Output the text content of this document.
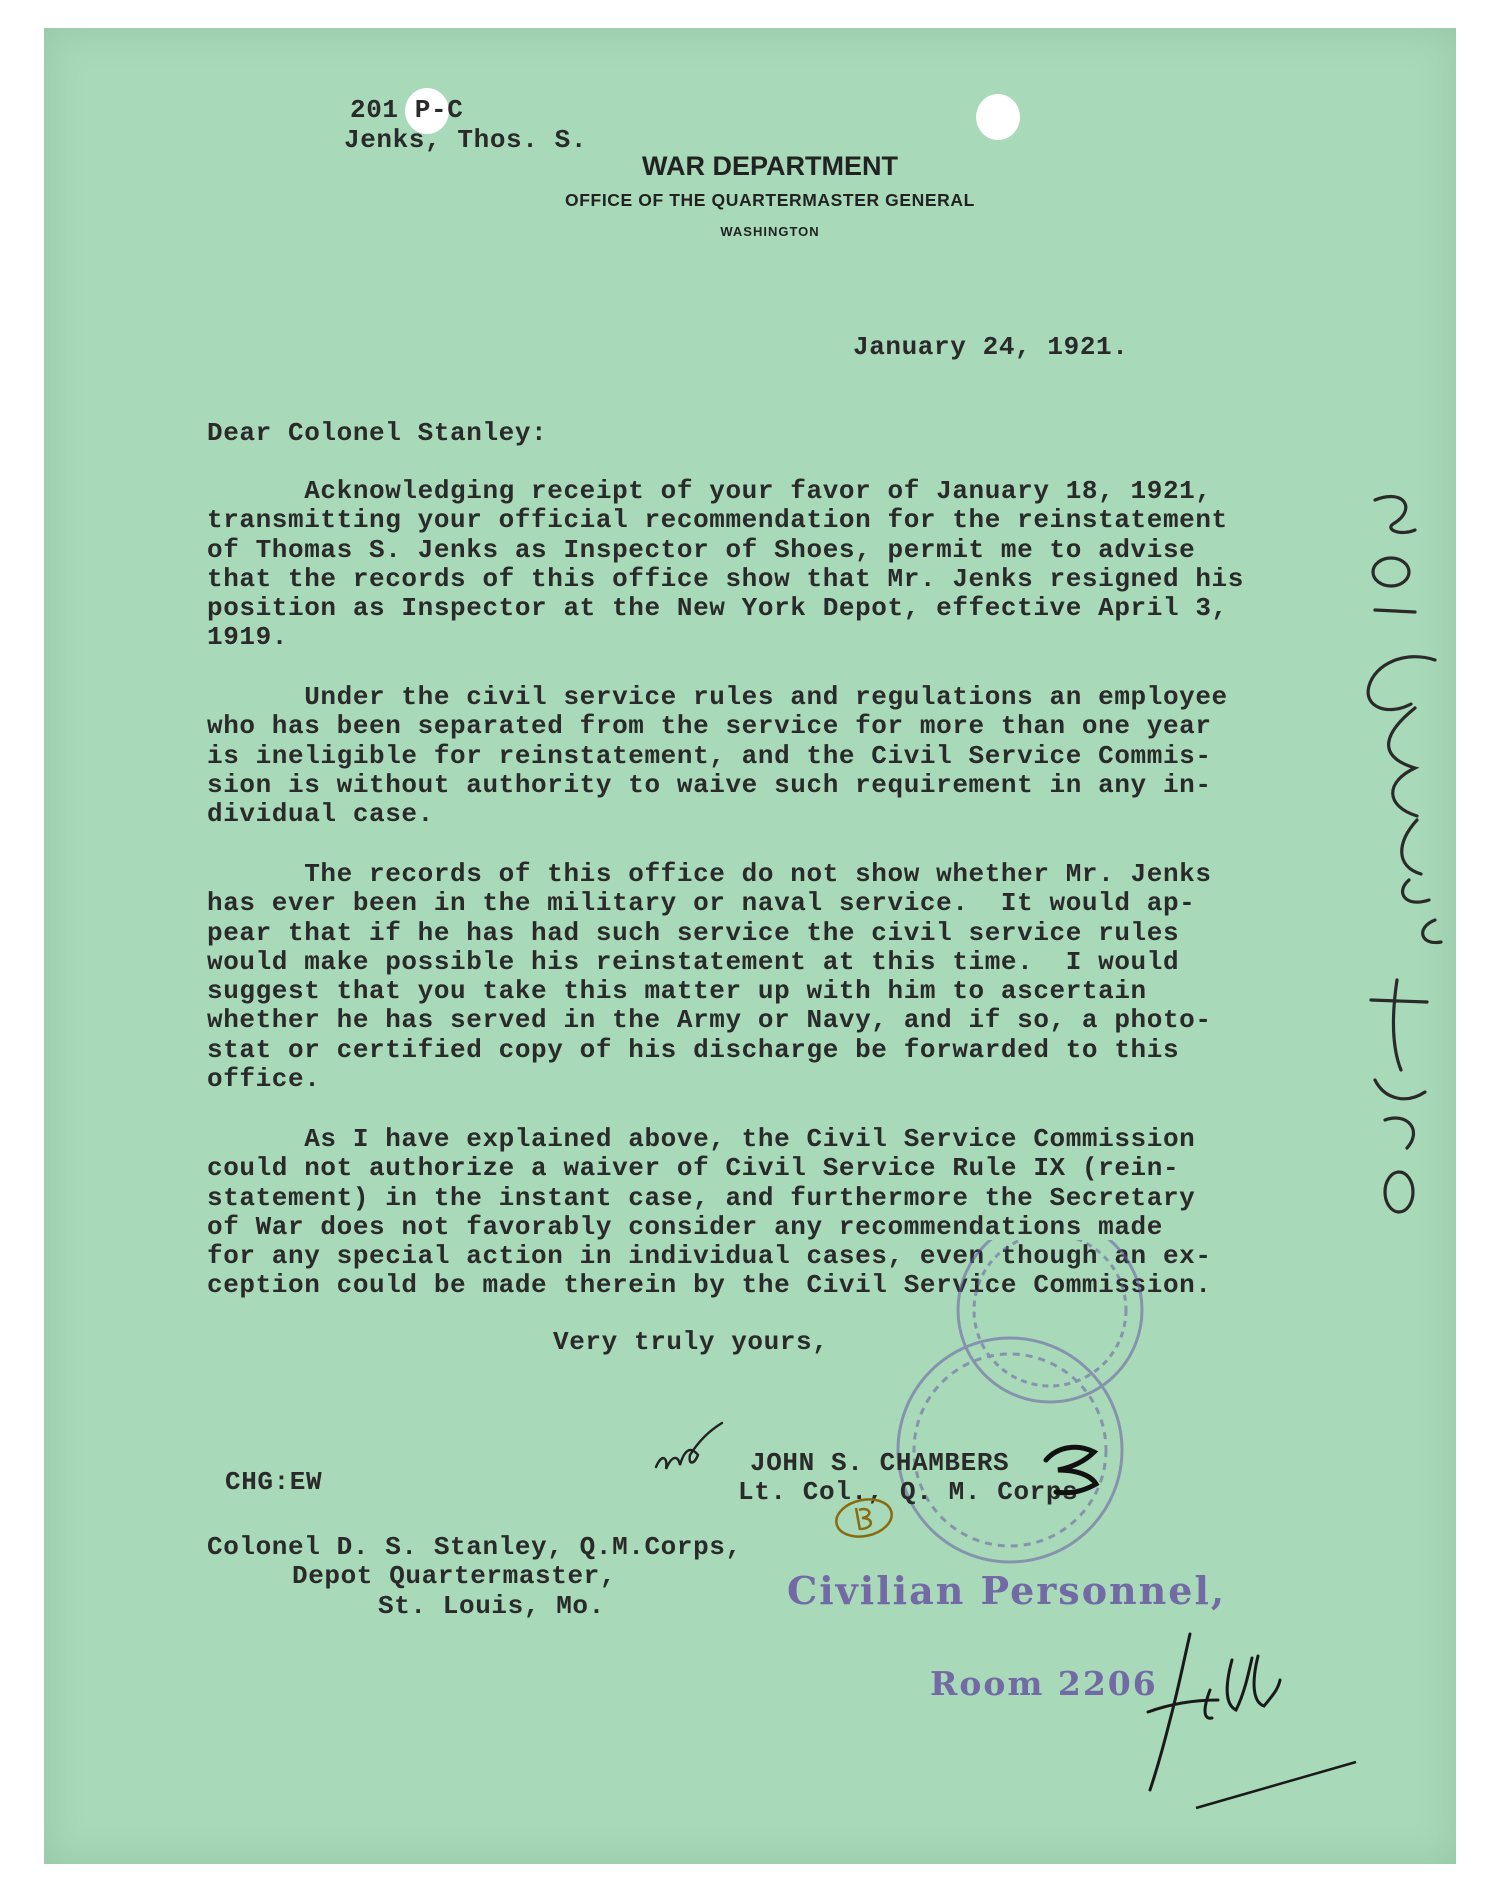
201 P-C
Jenks, Thos. S.
WAR DEPARTMENT
OFFICE OF THE QUARTERMASTER GENERAL
WASHINGTON
January 24, 1921.
Dear Colonel Stanley:
Acknowledging receipt of your favor of January 18, 1921,
transmitting your official recommendation for the reinstatement
of Thomas S. Jenks as Inspector of Shoes, permit me to advise
that the records of this office show that Mr. Jenks resigned his
position as Inspector at the New York Depot, effective April 3,
1919.
Under the civil service rules and regulations an employee
who has been separated from the service for more than one year
is ineligible for reinstatement, and the Civil Service Commis-
sion is without authority to waive such requirement in any in-
dividual case.
The records of this office do not show whether Mr. Jenks
has ever been in the military or naval service.  It would ap-
pear that if he has had such service the civil service rules
would make possible his reinstatement at this time.  I would
suggest that you take this matter up with him to ascertain
whether he has served in the Army or Navy, and if so, a photo-
stat or certified copy of his discharge be forwarded to this
office.
As I have explained above, the Civil Service Commission
could not authorize a waiver of Civil Service Rule IX (rein-
statement) in the instant case, and furthermore the Secretary
of War does not favorably consider any recommendations made
for any special action in individual cases, even though an ex-
ception could be made therein by the Civil Service Commission.
Very truly yours,
JOHN S. CHAMBERS
Lt. Col., Q. M. Corps
CHG:EW
Colonel D. S. Stanley, Q.M.Corps,
Depot Quartermaster,
St. Louis, Mo.	Civilian Personnel,
Room 2206
